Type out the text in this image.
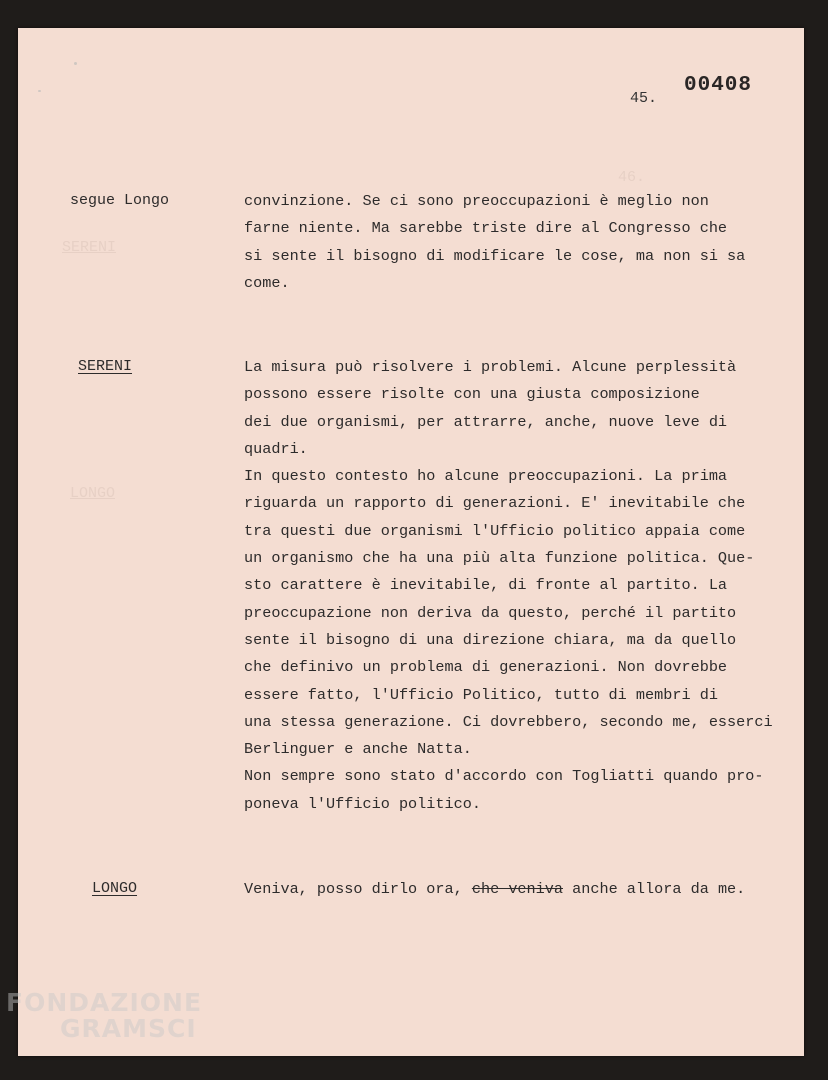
46.
SERENI
LONGO
00408
45.
segue Longo	convinzione. Se ci sono preoccupazioni è meglio non
farne niente. Ma sarebbe triste dire al Congresso che
si sente il bisogno di modificare le cose, ma non si sa
come.
SERENI	La misura può risolvere i problemi. Alcune perplessità
possono essere risolte con una giusta composizione
dei due organismi, per attrarre, anche, nuove leve di
quadri.
In questo contesto ho alcune preoccupazioni. La prima
riguarda un rapporto di generazioni. E' inevitabile che
tra questi due organismi l'Ufficio politico appaia come
un organismo che ha una più alta funzione politica. Que-
sto carattere è inevitabile, di fronte al partito. La
preoccupazione non deriva da questo, perché il partito
sente il bisogno di una direzione chiara, ma da quello
che definivo un problema di generazioni. Non dovrebbe
essere fatto, l'Ufficio Politico, tutto di membri di
una stessa generazione. Ci dovrebbero, secondo me, esserci
Berlinguer e anche Natta.
Non sempre sono stato d'accordo con Togliatti quando pro-
poneva l'Ufficio politico.
LONGO	Veniva, posso dirlo ora, che veniva anche allora da me.
FONDAZIONE
GRAMSCI
